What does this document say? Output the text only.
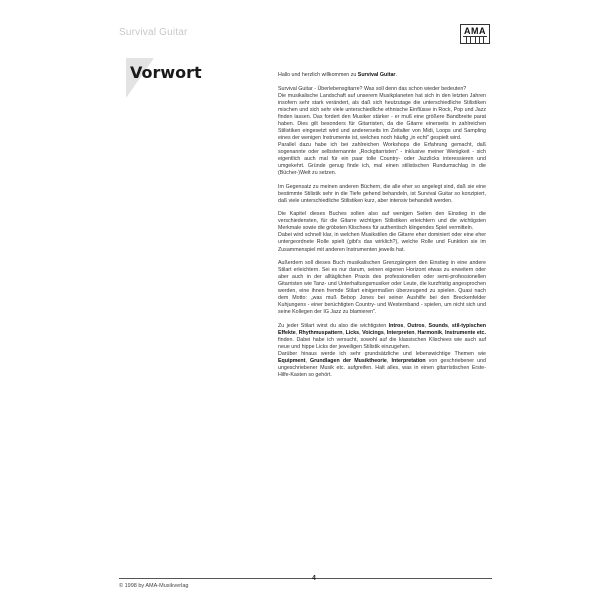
Survival Guitar	AMA
Vorwort	Hallo und herzlich willkommen zu Survival Guitar.

Survival Guitar - Überlebensgitarre? Was soll denn das schon wieder bedeuten?

Die musikalische Landschaft auf unserem Musikplaneten hat sich in den letzten Jahren insofern sehr stark verändert, als daß sich heutzutage die unterschiedliche Stilistiken mischen und sich sehr viele unterschiedliche ethnische Einflüsse in Rock, Pop und Jazz finden lassen. Das fordert den Musiker stärker - er muß eine größere Bandbreite parat haben. Dies gilt besonders für Gitarristen, da die Gitarre einerseits in zahlreichen Stilistiken eingesetzt wird und andererseits im Zeitalter von Midi, Loops und Sampling eines der wenigen Instrumente ist, welches noch häufig „in echt" gespielt wird.

Parallel dazu habe ich bei zahlreichen Workshops die Erfahrung gemacht, daß sogenannte oder selbsternannte „Rockgitarristen" - inklusive meiner Wenigkeit - sich eigentlich auch mal für ein paar tolle Country- oder Jazzlicks interessieren und umgekehrt. Gründe genug finde ich, mal einen stilistischen Rundumschlag in die (Bücher-)Welt zu setzen.

Im Gegensatz zu meinen anderen Büchern, die alle eher so angelegt sind, daß sie eine bestimmte Stilistik sehr in die Tiefe gehend behandeln, ist Survival Guitar so konzipiert, daß viele unterschiedliche Stilistiken kurz, aber intensiv behandelt werden.

Die Kapitel dieses Buches sollen also auf wenigen Seiten den Einstieg in die verschiedensten, für die Gitarre wichtigen Stilistiken erleichtern und die wichtigsten Merkmale sowie die gröbsten Klischees für authentisch klingendes Spiel vermitteln.

Dabei wird schnell klar, in welchen Musikstilen die Gitarre eher dominiert oder eine eher untergeordnete Rolle spielt (gibt's das wirklich?), welche Rolle und Funktion sie im Zusammenspiel mit anderen Instrumenten jeweils hat.

Außerdem soll dieses Buch musikalischen Grenzgängern den Einstieg in eine andere Stilart erleichtern. Sei es nur darum, seinen eigenen Horizont etwas zu erweitern oder aber auch in der alltäglichen Praxis des professionellen oder semi-professionellen Gitarristen wie Tanz- und Unterhaltungsmusiker oder Leute, die kurzfristig angesprochen werden, eine ihnen fremde Stilart einigermaßen überzeugend zu spielen. Quasi nach dem Motto: „was muß Bebop Jones bei seiner Aushilfe bei den Breckenfelder Kuhjungens - einer berüchtigten Country- und Westernband - spielen, um nicht sich und seine Kollegen der IG Jazz zu blamieren".

Zu jeder Stilart wirst du also die wichtigsten Intros, Outros, Sounds, stil-typischen Effekte, Rhythmuspattern, Licks, Voicings, Interpreten, Harmonik, Instrumente etc. finden. Dabei habe ich versucht, sowohl auf die klassischen Klischees wie auch auf neue und hippe Licks der jeweiligen Stilistik einzugehen.

Darüber hinaus werde ich sehr grundsätzliche und lebenswichtige Themen wie Equipment, Grundlagen der Musiktheorie, Interpretation von geschriebener und ungeschriebener Musik etc. aufgreifen. Halt alles, was in einen gitarristischen Erste-Hilfe-Kasten so gehört.

© 1998 by AMA-Musikverlag
4
